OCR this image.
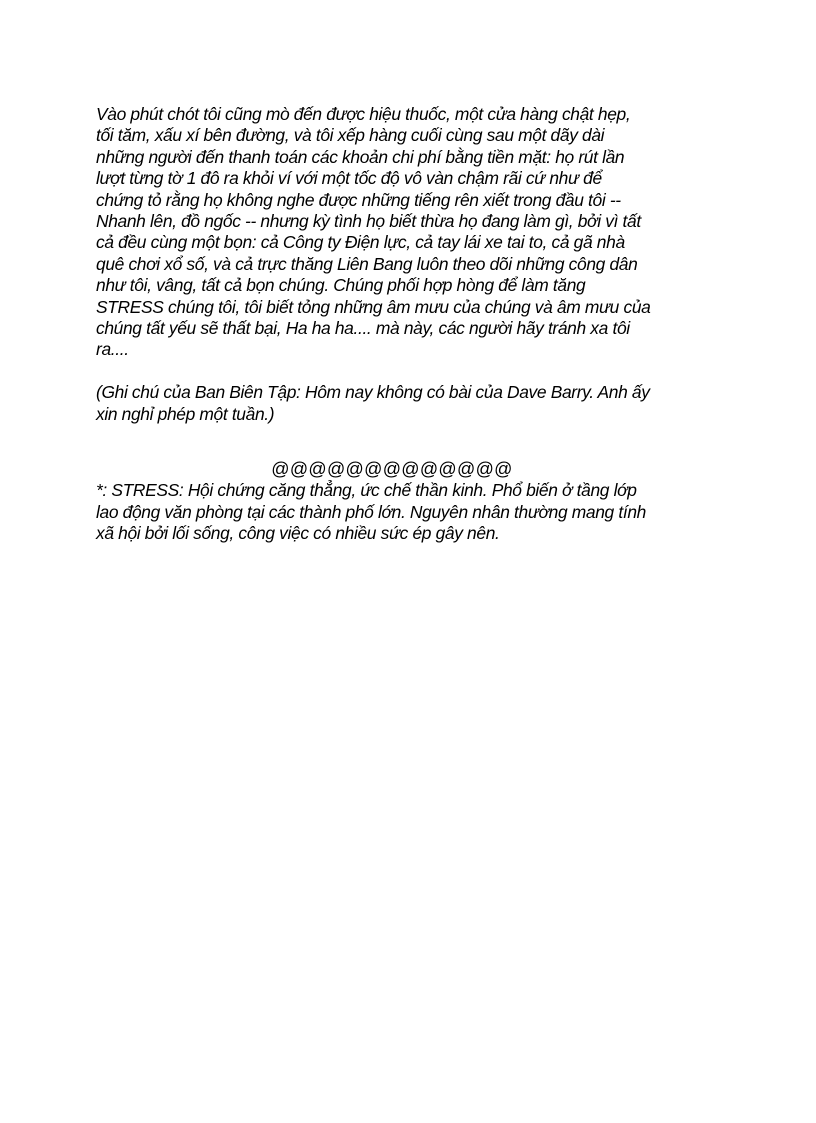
Vào phút chót tôi cũng mò đến được hiệu thuốc, một cửa hàng chật hẹp,
tối tăm, xấu xí bên đường, và tôi xếp hàng cuối cùng sau một dãy dài
những người đến thanh toán các khoản chi phí bằng tiền mặt: họ rút lần
lượt từng tờ 1 đô ra khỏi ví với một tốc độ vô vàn chậm rãi cứ như để
chứng tỏ rằng họ không nghe được những tiếng rên xiết trong đầu tôi --
Nhanh lên, đồ ngốc -- nhưng kỳ tình họ biết thừa họ đang làm gì, bởi vì tất
cả đều cùng một bọn: cả Công ty Điện lực, cả tay lái xe tai to, cả gã nhà
quê chơi xổ số, và cả trực thăng Liên Bang luôn theo dõi những công dân
như tôi, vâng, tất cả bọn chúng. Chúng phối hợp hòng để làm tăng
STRESS chúng tôi, tôi biết tỏng những âm mưu của chúng và âm mưu của
chúng tất yếu sẽ thất bại, Ha ha ha.... mà này, các người hãy tránh xa tôi
ra....
(Ghi chú của Ban Biên Tập: Hôm nay không có bài của Dave Barry. Anh ấy
xin nghỉ phép một tuần.)
@@@@@@@@@@@@@
*: STRESS: Hội chứng căng thẳng, ức chế thần kinh. Phổ biến ở tầng lớp
lao động văn phòng tại các thành phố lớn. Nguyên nhân thường mang tính
xã hội bởi lối sống, công việc có nhiều sức ép gây nên.
